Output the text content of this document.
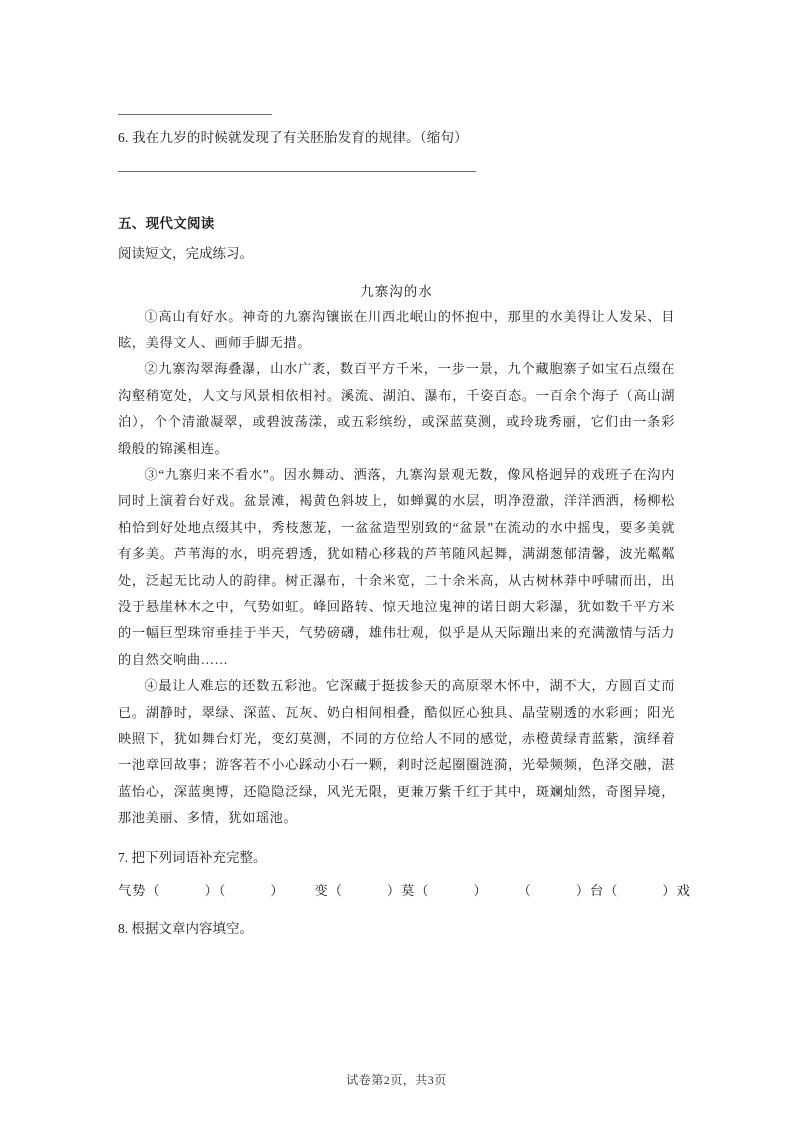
6. 我在九岁的时候就发现了有关胚胎发育的规律。（缩句）
五、现代文阅读
阅读短文，完成练习。
九寨沟的水

①高山有好水。神奇的九寨沟镶嵌在川西北岷山的怀抱中，那里的水美得让人发呆、目眩，美得文人、画师手脚无措。

②九寨沟翠海叠瀑，山水广袤，数百平方千米，一步一景，九个藏胞寨子如宝石点缀在沟壑稍宽处，人文与风景相依相衬。溪流、湖泊、瀑布，千姿百态。一百余个海子（高山湖泊），个个清澈凝翠，或碧波荡漾，或五彩缤纷，或深蓝莫测，或玲珑秀丽，它们由一条彩缎般的锦溪相连。

③“九寨归来不看水”。因水舞动、洒落，九寨沟景观无数，像风格迥异的戏班子在沟内同时上演着台好戏。盆景滩，褐黄色斜坡上，如蝉翼的水层，明净澄澈，洋洋洒洒，杨柳松柏恰到好处地点缀其中，秀枝葱茏，一盆盆造型别致的“盆景”在流动的水中摇曳，要多美就有多美。芦苇海的水，明亮碧透，犹如精心移栽的芦苇随风起舞，满湖葱郁清馨，波光粼粼处，泛起无比动人的韵律。树正瀑布，十余米宽，二十余米高，从古树林莽中呼啸而出，出没于悬崖林木之中，气势如虹。峰回路转、惊天地泣鬼神的诺日朗大彩瀑，犹如数千平方米的一幅巨型珠帘垂挂于半天，气势磅礴，雄伟壮观，似乎是从天际蹦出来的充满激情与活力的自然交响曲……

④最让人难忘的还数五彩池。它深藏于挺拔参天的高原翠木怀中，湖不大，方圆百丈而已。湖静时，翠绿、深蓝、瓦灰、奶白相间相叠，酷似匠心独具、晶莹剔透的水彩画；阳光映照下，犹如舞台灯光，变幻莫测，不同的方位给人不同的感觉，赤橙黄绿青蓝紫，演绎着一池章回故事；游客若不小心踩动小石一颗，剎时泛起圈圈涟漪，光晕频频，色泽交融，湛蓝怡心，深蓝奥博，还隐隐泛绿，风光无限，更兼万紫千红于其中，斑斓灿然，奇图异境，那池美丽、多情，犹如瑶池。

7. 把下列词语补充完整。
气势（	）（	） 变（	）莫（	） （	）台（	）戏
8. 根据文章内容填空。
试卷第2页，共3页
